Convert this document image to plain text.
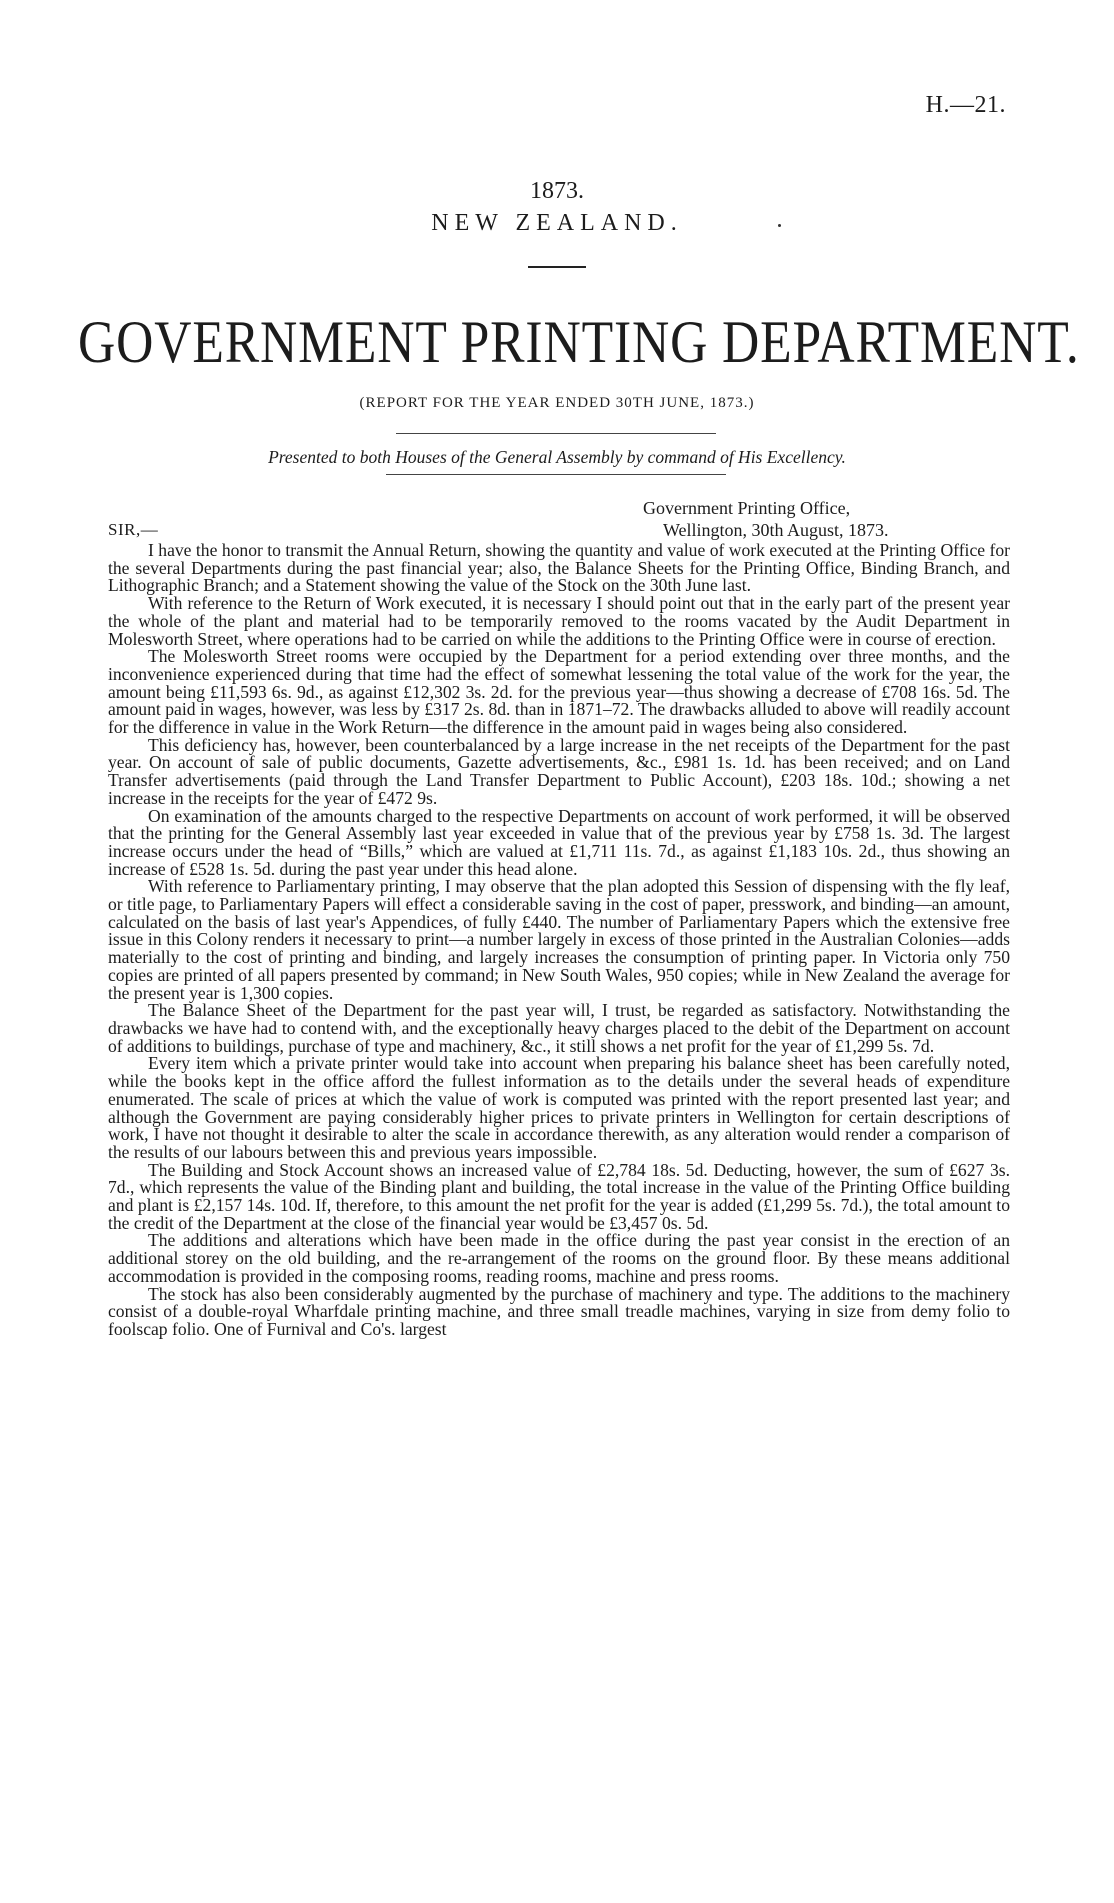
H.—21.
1873.
NEW ZEALAND.
GOVERNMENT PRINTING DEPARTMENT.
(REPORT FOR THE YEAR ENDED 30TH JUNE, 1873.)
Presented to both Houses of the General Assembly by command of His Excellency.
Government Printing Office,
SIR,—	Wellington, 30th August, 1873.

I have the honor to transmit the Annual Return, showing the quantity and value of work executed at the Printing Office for the several Departments during the past financial year; also, the Balance Sheets for the Printing Office, Binding Branch, and Lithographic Branch; and a Statement showing the value of the Stock on the 30th June last.

With reference to the Return of Work executed, it is necessary I should point out that in the early part of the present year the whole of the plant and material had to be temporarily removed to the rooms vacated by the Audit Department in Molesworth Street, where operations had to be carried on while the additions to the Printing Office were in course of erection.

The Molesworth Street rooms were occupied by the Department for a period extending over three months, and the inconvenience experienced during that time had the effect of somewhat lessening the total value of the work for the year, the amount being £11,593 6s. 9d., as against £12,302 3s. 2d. for the previous year—thus showing a decrease of £708 16s. 5d. The amount paid in wages, however, was less by £317 2s. 8d. than in 1871–72. The drawbacks alluded to above will readily account for the difference in value in the Work Return—the difference in the amount paid in wages being also considered.

This deficiency has, however, been counterbalanced by a large increase in the net receipts of the Department for the past year. On account of sale of public documents, Gazette advertisements, &c., £981 1s. 1d. has been received; and on Land Transfer advertisements (paid through the Land Transfer Department to Public Account), £203 18s. 10d.; showing a net increase in the receipts for the year of £472 9s.

On examination of the amounts charged to the respective Departments on account of work performed, it will be observed that the printing for the General Assembly last year exceeded in value that of the previous year by £758 1s. 3d. The largest increase occurs under the head of “Bills,” which are valued at £1,711 11s. 7d., as against £1,183 10s. 2d., thus showing an increase of £528 1s. 5d. during the past year under this head alone.

With reference to Parliamentary printing, I may observe that the plan adopted this Session of dispensing with the fly leaf, or title page, to Parliamentary Papers will effect a considerable saving in the cost of paper, presswork, and binding—an amount, calculated on the basis of last year's Appendices, of fully £440. The number of Parliamentary Papers which the extensive free issue in this Colony renders it necessary to print—a number largely in excess of those printed in the Australian Colonies—adds materially to the cost of printing and binding, and largely increases the consumption of printing paper. In Victoria only 750 copies are printed of all papers presented by command; in New South Wales, 950 copies; while in New Zealand the average for the present year is 1,300 copies.

The Balance Sheet of the Department for the past year will, I trust, be regarded as satisfactory. Notwithstanding the drawbacks we have had to contend with, and the exceptionally heavy charges placed to the debit of the Department on account of additions to buildings, purchase of type and machinery, &c., it still shows a net profit for the year of £1,299 5s. 7d.

Every item which a private printer would take into account when preparing his balance sheet has been carefully noted, while the books kept in the office afford the fullest information as to the details under the several heads of expenditure enumerated. The scale of prices at which the value of work is computed was printed with the report presented last year; and although the Government are paying considerably higher prices to private printers in Wellington for certain descriptions of work, I have not thought it desirable to alter the scale in accordance therewith, as any alteration would render a comparison of the results of our labours between this and previous years impossible.

The Building and Stock Account shows an increased value of £2,784 18s. 5d. Deducting, however, the sum of £627 3s. 7d., which represents the value of the Binding plant and building, the total increase in the value of the Printing Office building and plant is £2,157 14s. 10d. If, therefore, to this amount the net profit for the year is added (£1,299 5s. 7d.), the total amount to the credit of the Department at the close of the financial year would be £3,457 0s. 5d.

The additions and alterations which have been made in the office during the past year consist in the erection of an additional storey on the old building, and the re-arrangement of the rooms on the ground floor. By these means additional accommodation is provided in the composing rooms, reading rooms, machine and press rooms.

The stock has also been considerably augmented by the purchase of machinery and type. The additions to the machinery consist of a double-royal Wharfdale printing machine, and three small treadle machines, varying in size from demy folio to foolscap folio. One of Furnival and Co's. largest
